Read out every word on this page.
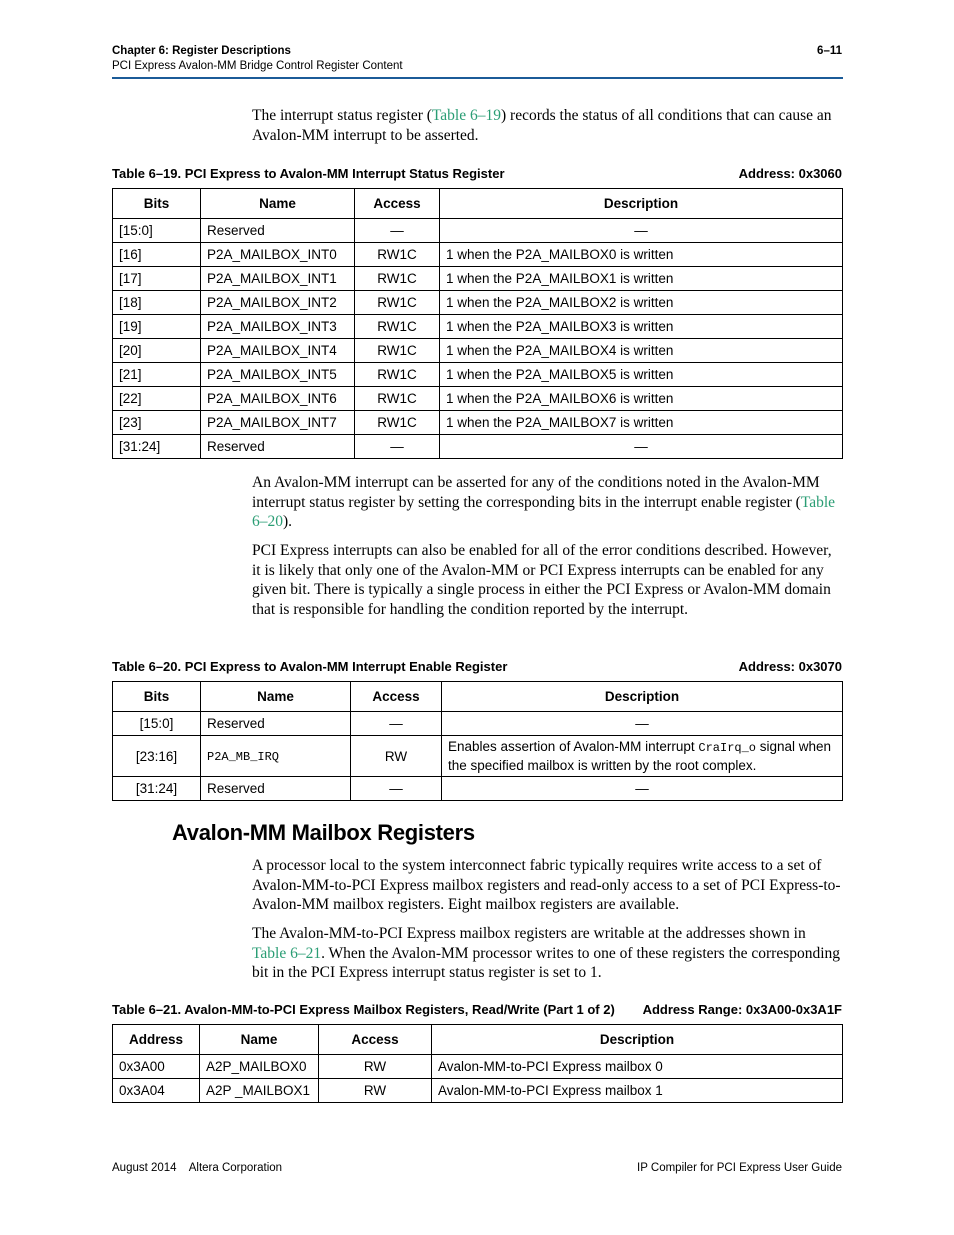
Chapter 6: Register Descriptions	6–11
PCI Express Avalon-MM Bridge Control Register Content
The interrupt status register (Table 6–19) records the status of all conditions that can cause an Avalon-MM interrupt to be asserted.
Table 6–19. PCI Express to Avalon-MM Interrupt Status Register	Address: 0x3060
Bits	Name	Access	Description
[15:0]	Reserved	—	—
[16]	P2A_MAILBOX_INT0	RW1C	1 when the P2A_MAILBOX0 is written
[17]	P2A_MAILBOX_INT1	RW1C	1 when the P2A_MAILBOX1 is written
[18]	P2A_MAILBOX_INT2	RW1C	1 when the P2A_MAILBOX2 is written
[19]	P2A_MAILBOX_INT3	RW1C	1 when the P2A_MAILBOX3 is written
[20]	P2A_MAILBOX_INT4	RW1C	1 when the P2A_MAILBOX4 is written
[21]	P2A_MAILBOX_INT5	RW1C	1 when the P2A_MAILBOX5 is written
[22]	P2A_MAILBOX_INT6	RW1C	1 when the P2A_MAILBOX6 is written
[23]	P2A_MAILBOX_INT7	RW1C	1 when the P2A_MAILBOX7 is written
[31:24]	Reserved	—	—
An Avalon-MM interrupt can be asserted for any of the conditions noted in the Avalon-MM interrupt status register by setting the corresponding bits in the interrupt enable register (Table 6–20).
PCI Express interrupts can also be enabled for all of the error conditions described. However, it is likely that only one of the Avalon-MM or PCI Express interrupts can be enabled for any given bit. There is typically a single process in either the PCI Express or Avalon-MM domain that is responsible for handling the condition reported by the interrupt.
Table 6–20. PCI Express to Avalon-MM Interrupt Enable Register	Address: 0x3070
Bits	Name	Access	Description
[15:0]	Reserved	—	—
[23:16]	P2A_MB_IRQ	RW	Enables assertion of Avalon-MM interrupt CraIrq_o signal when the specified mailbox is written by the root complex.
[31:24]	Reserved	—	—
Avalon-MM Mailbox Registers
A processor local to the system interconnect fabric typically requires write access to a set of Avalon-MM-to-PCI Express mailbox registers and read-only access to a set of PCI Express-to-Avalon-MM mailbox registers. Eight mailbox registers are available.
The Avalon-MM-to-PCI Express mailbox registers are writable at the addresses shown in Table 6–21. When the Avalon-MM processor writes to one of these registers the corresponding bit in the PCI Express interrupt status register is set to 1.
Table 6–21. Avalon-MM-to-PCI Express Mailbox Registers, Read/Write (Part 1 of 2) Address Range: 0x3A00-0x3A1F
Address	Name	Access	Description
0x3A00	A2P_MAILBOX0	RW	Avalon-MM-to-PCI Express mailbox 0
0x3A04	A2P _MAILBOX1	RW	Avalon-MM-to-PCI Express mailbox 1
August 2014    Altera Corporation	IP Compiler for PCI Express User Guide
